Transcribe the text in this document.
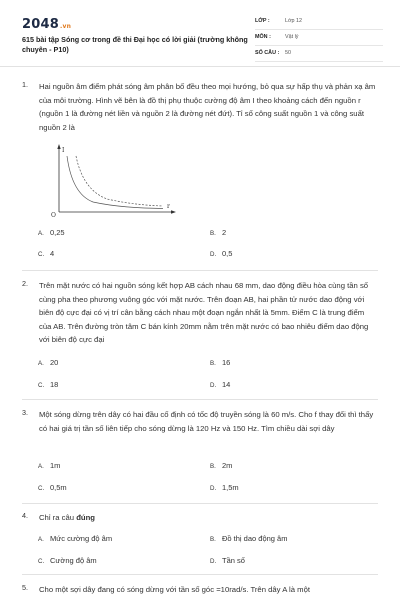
2048.vn
615 bài tập Sóng cơ trong đề thi Đại học có lời giải (trường không chuyên - P10)
LỚP :	Lớp 12
MÔN :	Vật lý
SỐ CÂU : 50
1. Hai nguồn âm điểm phát sóng âm phân bố đều theo mọi hướng, bỏ qua sự hấp thụ và phản xạ âm của môi trường. Hình vẽ bên là đồ thị phụ thuộc cường độ âm I theo khoảng cách đến nguồn r (nguồn 1 là đường nét liền và nguồn 2 là đường nét đứt). Tỉ số công suất nguồn 1 và công suất nguồn 2 là
I
r
O
A. 0,25	B. 2
C. 4	D. 0,5
2. Trên mặt nước có hai nguồn sóng kết hợp AB cách nhau 68 mm, dao động điều hòa cùng tần số cùng pha theo phương vuông góc với mặt nước. Trên đoạn AB, hai phần tử nước dao động với biên độ cực đại có vị trí cân bằng cách nhau một đoạn ngắn nhất là 5mm. Điểm C là trung điểm của AB. Trên đường tròn tâm C bán kính 20mm nằm trên mặt nước có bao nhiêu điểm dao động với biên độ cực đại
A. 20	B. 16
C. 18	D. 14
3. Một sóng dừng trên dây có hai đầu cố định có tốc độ truyền sóng là 60 m/s. Cho f thay đổi thì thấy có hai giá trị tần số liên tiếp cho sóng dừng là 120 Hz và 150 Hz. Tìm chiều dài sợi dây
A. 1m	B. 2m
C. 0,5m	D. 1,5m
4. Chỉ ra câu đúng
A. Mức cường độ âm	B. Đồ thị dao động âm
C. Cường độ âm	D. Tần số
5. Cho một sợi dây đang có sóng dừng với tần số góc =10rad/s. Trên dây A là một
